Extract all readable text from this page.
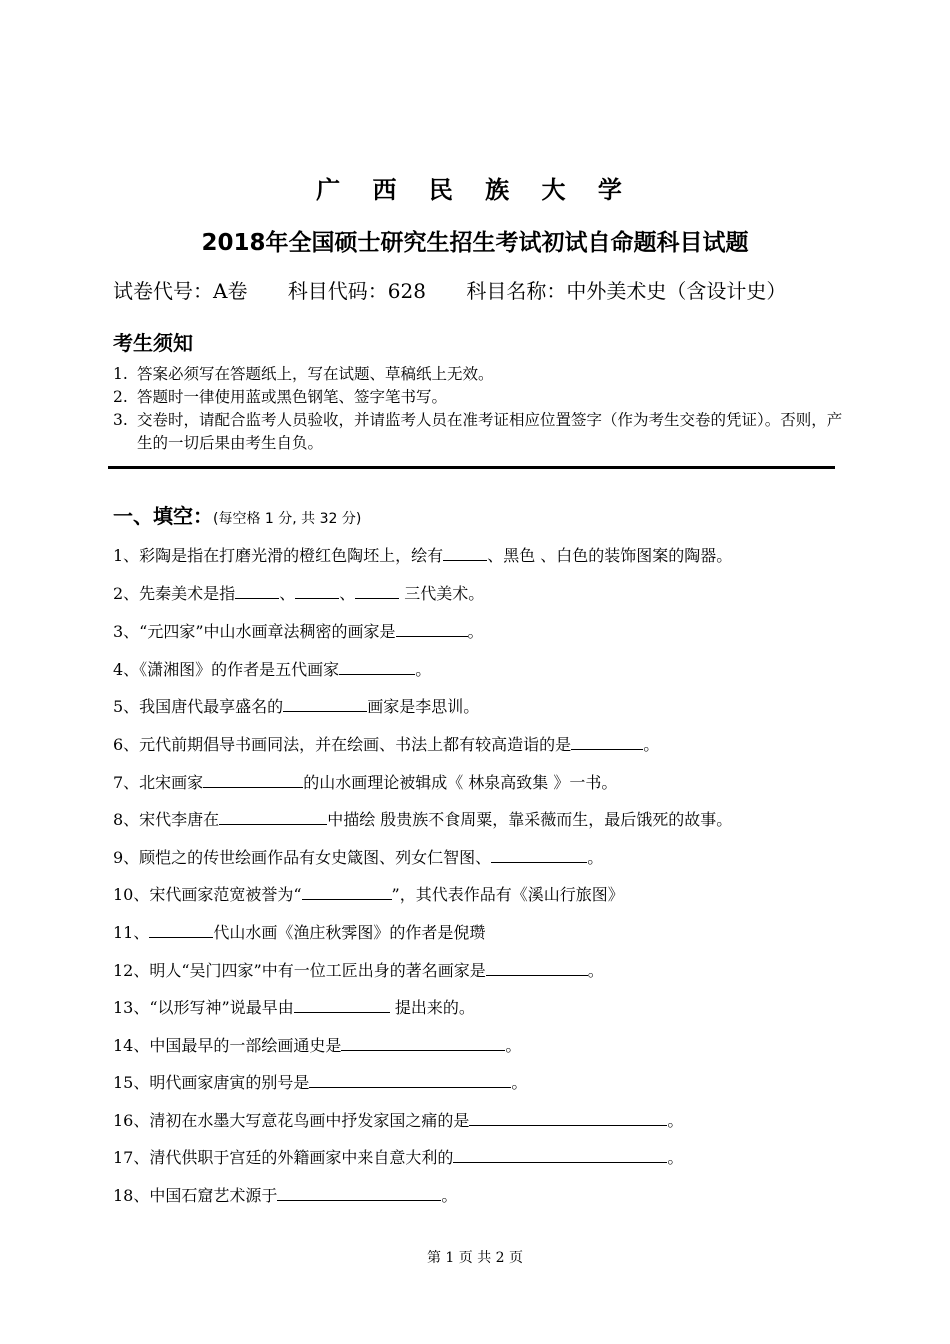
广 西 民 族 大 学
2018年全国硕士研究生招生考试初试自命题科目试题
试卷代号：A卷 科目代码：628 科目名称：中外美术史（含设计史）
考生须知
1. 答案必须写在答题纸上，写在试题、草稿纸上无效。
2. 答题时一律使用蓝或黑色钢笔、签字笔书写。
3. 交卷时，请配合监考人员验收，并请监考人员在准考证相应位置签字（作为考生交卷的凭证）。否则，产生的一切后果由考生自负。
一、填空：(每空格 1 分, 共 32 分)
1、彩陶是指在打磨光滑的橙红色陶坯上，绘有	、黑色 、白色的装饰图案的陶器。
2、先秦美术是指	、	、	三代美术。
3、“元四家”中山水画章法稠密的画家是	。
4、《潇湘图》的作者是五代画家	。
5、我国唐代最享盛名的	画家是李思训。
6、元代前期倡导书画同法，并在绘画、书法上都有较高造诣的是	。
7、北宋画家	的山水画理论被辑成《 林泉高致集 》一书。
8、宋代李唐在	中描绘 殷贵族不食周粟，靠采薇而生，最后饿死的故事。
9、顾恺之的传世绘画作品有女史箴图、列女仁智图、	。
10、宋代画家范宽被誉为“	”，其代表作品有《溪山行旅图》
11、	代山水画《渔庄秋霁图》的作者是倪瓒
12、明人“吴门四家”中有一位工匠出身的著名画家是	。
13、“以形写神”说最早由	提出来的。
14、中国最早的一部绘画通史是	。
15、明代画家唐寅的别号是	。
16、清初在水墨大写意花鸟画中抒发家国之痛的是	。
17、清代供职于宫廷的外籍画家中来自意大利的	。
18、中国石窟艺术源于	。
第 1 页 共 2 页
